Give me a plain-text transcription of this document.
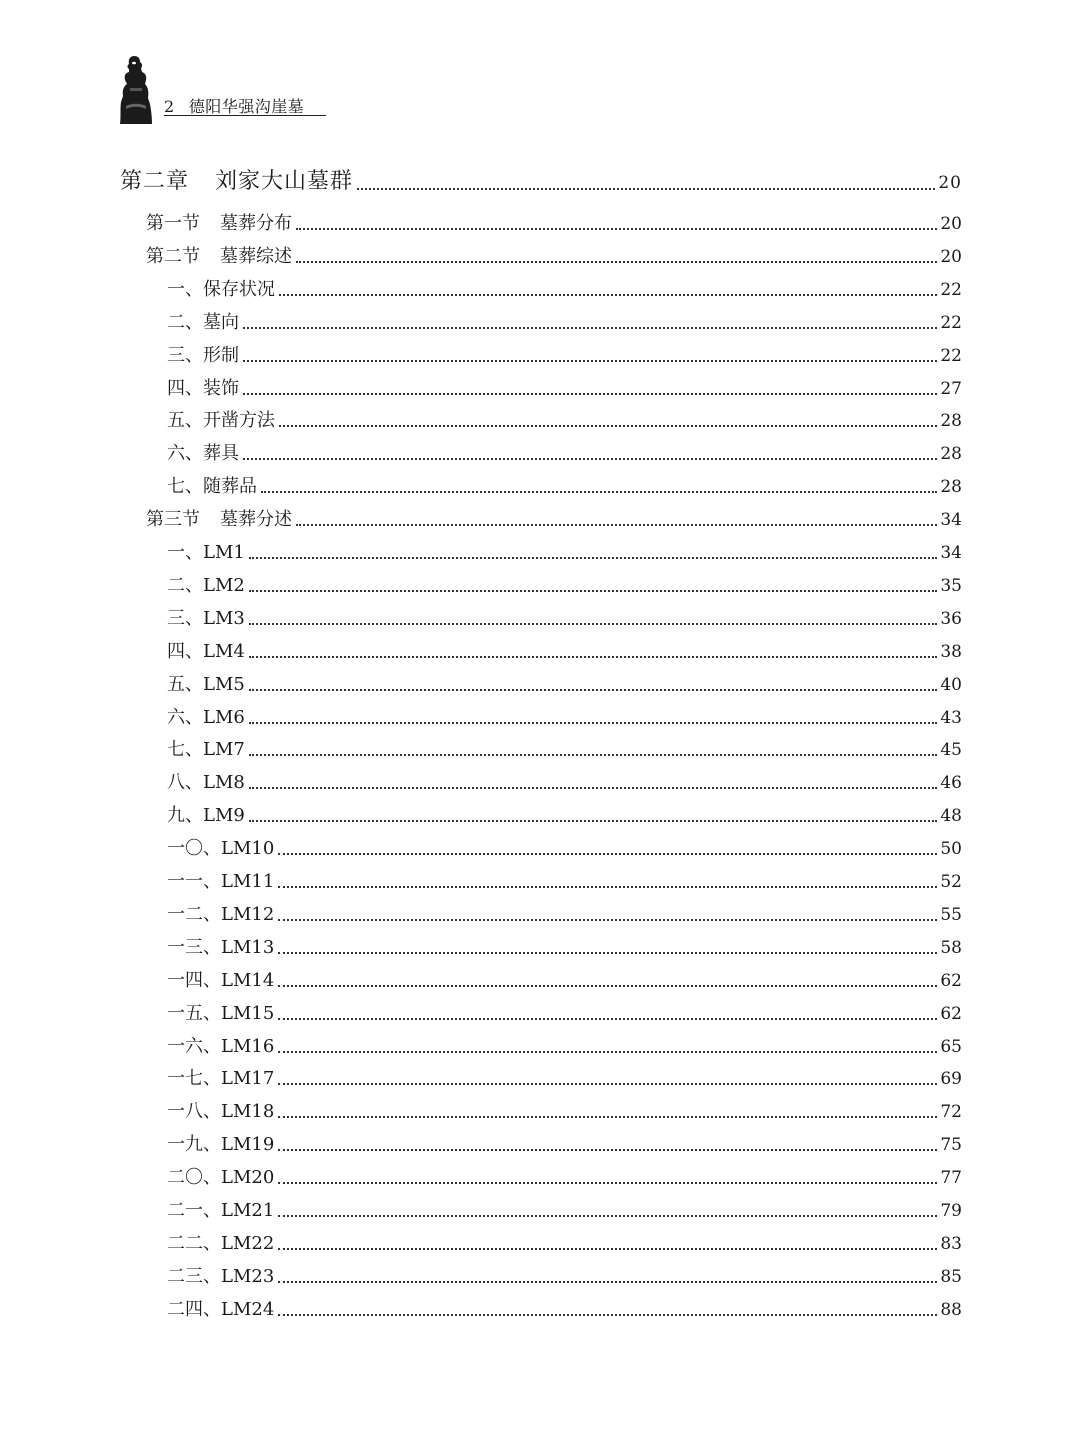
2 德阳华强沟崖墓
第二章 刘家大山墓群	20
第一节 墓葬分布	20
第二节 墓葬综述	20
一、保存状况	22
二、墓向	22
三、形制	22
四、装饰	27
五、开凿方法	28
六、葬具	28
七、随葬品	28
第三节 墓葬分述	34
一、LM1	34
二、LM2	35
三、LM3	36
四、LM4	38
五、LM5	40
六、LM6	43
七、LM7	45
八、LM8	46
九、LM9	48
一〇、LM10	50
一一、LM11	52
一二、LM12	55
一三、LM13	58
一四、LM14	62
一五、LM15	62
一六、LM16	65
一七、LM17	69
一八、LM18	72
一九、LM19	75
二〇、LM20	77
二一、LM21	79
二二、LM22	83
二三、LM23	85
二四、LM24	88
